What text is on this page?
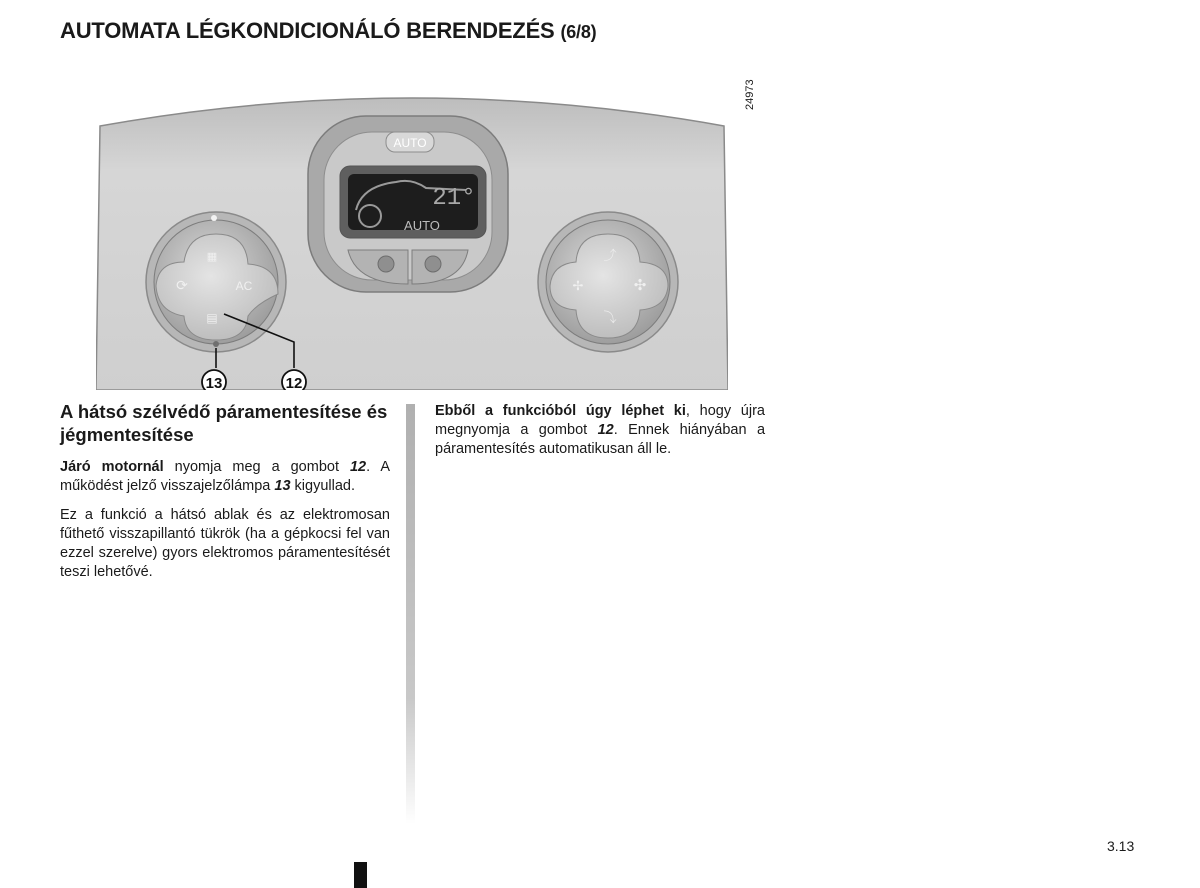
AUTOMATA LÉGKONDICIONÁLÓ BERENDEZÉS (6/8)
24973
AUTO
21°
AUTO
▦
⟳	AC
▤
⤴
✢	✣
⤵
13	12
A hátsó szélvédő páramentesítése és jégmentesítése

Járó motornál nyomja meg a gombot 12. A működést jelző visszajelzőlámpa 13 kigyullad.

Ez a funkció a hátsó ablak és az elektromosan fűthető visszapillantó tükrök (ha a gépkocsi fel van ezzel szerelve) gyors elektromos páramentesítését teszi lehetővé.

Ebből a funkcióból úgy léphet ki, hogy újra megnyomja a gombot 12. Ennek hiányában a páramentesítés automatikusan áll le.

3.13
